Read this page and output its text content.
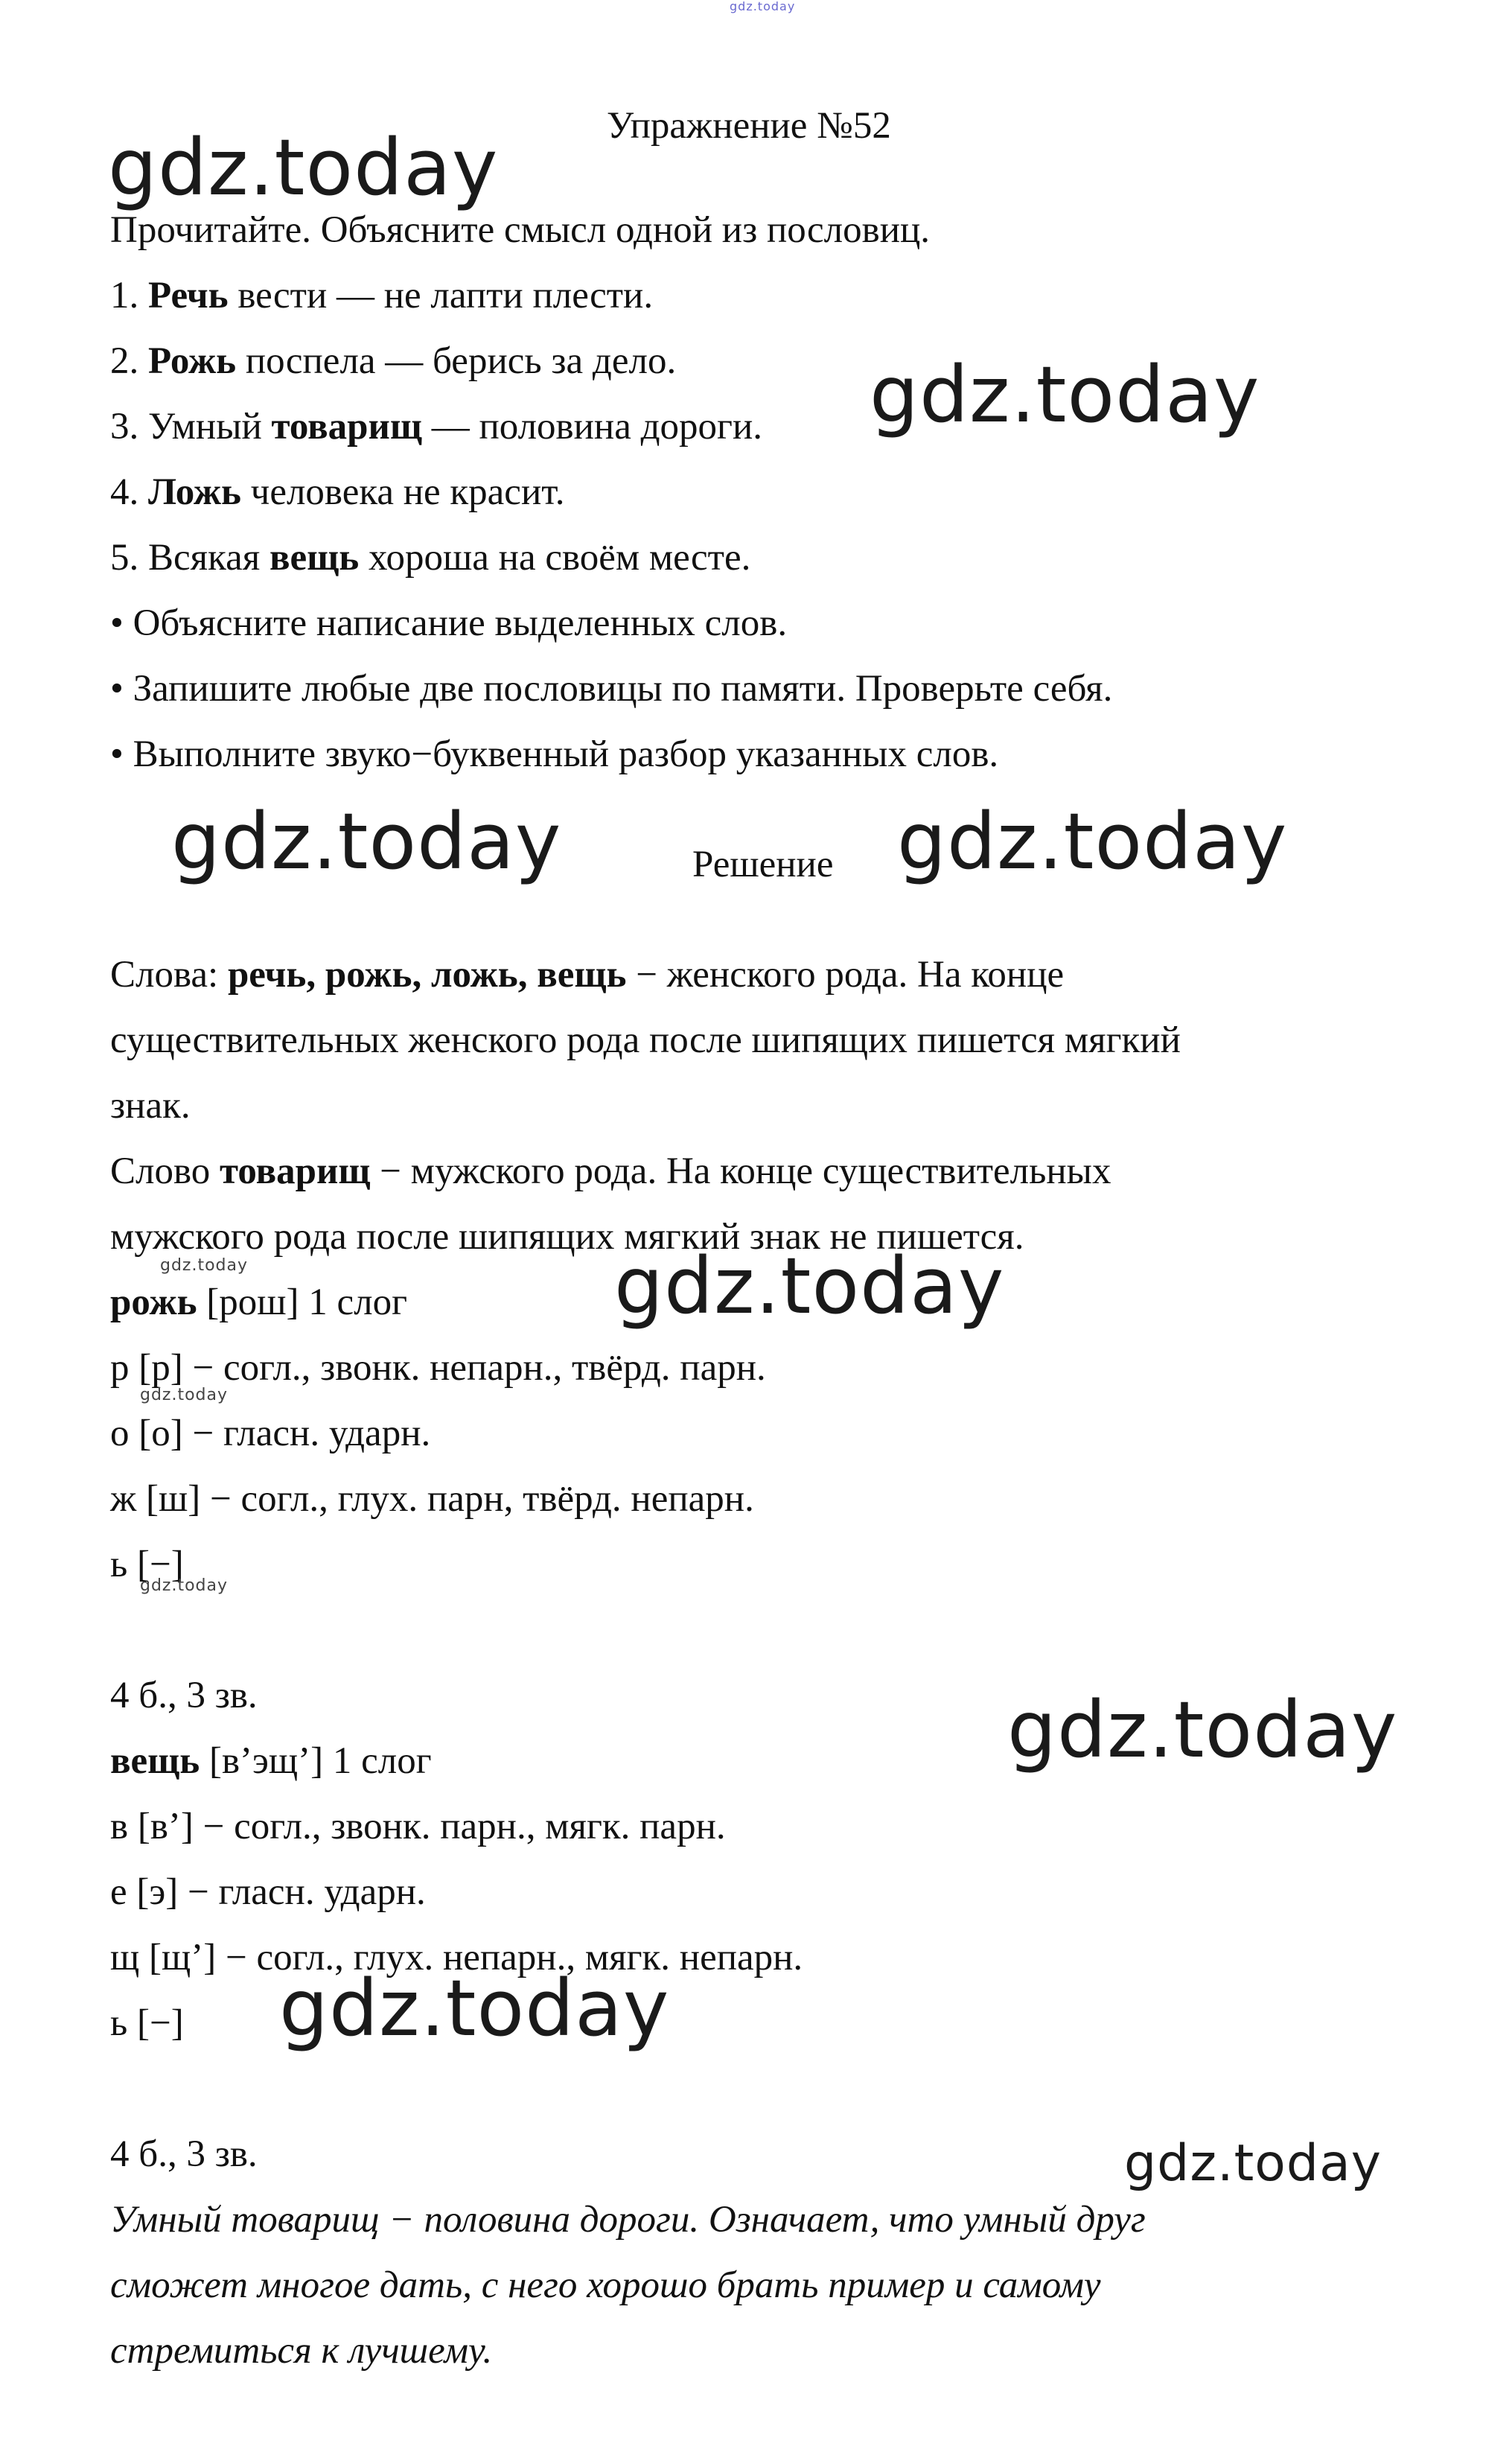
gdz.today
Упражнение №52
Прочитайте. Объясните смысл одной из пословиц.
1. Речь вести — не лапти плести.
2. Рожь поспела — берись за дело.
3. Умный товарищ — половина дороги.
4. Ложь человека не красит.
5. Всякая вещь хороша на своём месте.
• Объясните написание выделенных слов.
• Запишите любые две пословицы по памяти. Проверьте себя.
• Выполните звуко−буквенный разбор указанных слов.
Решение
Слова: речь, рожь, ложь, вещь − женского рода. На конце
существительных женского рода после шипящих пишется мягкий
знак.
Слово товарищ − мужского рода. На конце существительных
мужского рода после шипящих мягкий знак не пишется.
рожь [рош] 1 слог
р [р] − согл., звонк. непарн., твёрд. парн.
о [о] − гласн. ударн.
ж [ш] − согл., глух. парн, твёрд. непарн.
ь [−]
4 б., 3 зв.
вещь [в’эщ’] 1 слог
в [в’] − согл., звонк. парн., мягк. парн.
е [э] − гласн. ударн.
щ [щ’] − согл., глух. непарн., мягк. непарн.
ь [−]
4 б., 3 зв.
Умный товарищ − половина дороги. Означает, что умный друг
сможет многое дать, с него хорошо брать пример и самому
стремиться к лучшему.
gdz.today
gdz.today
gdz.today	gdz.today
gdz.today
gdz.today
gdz.today
gdz.today
gdz.today
gdz.today
gdz.today
